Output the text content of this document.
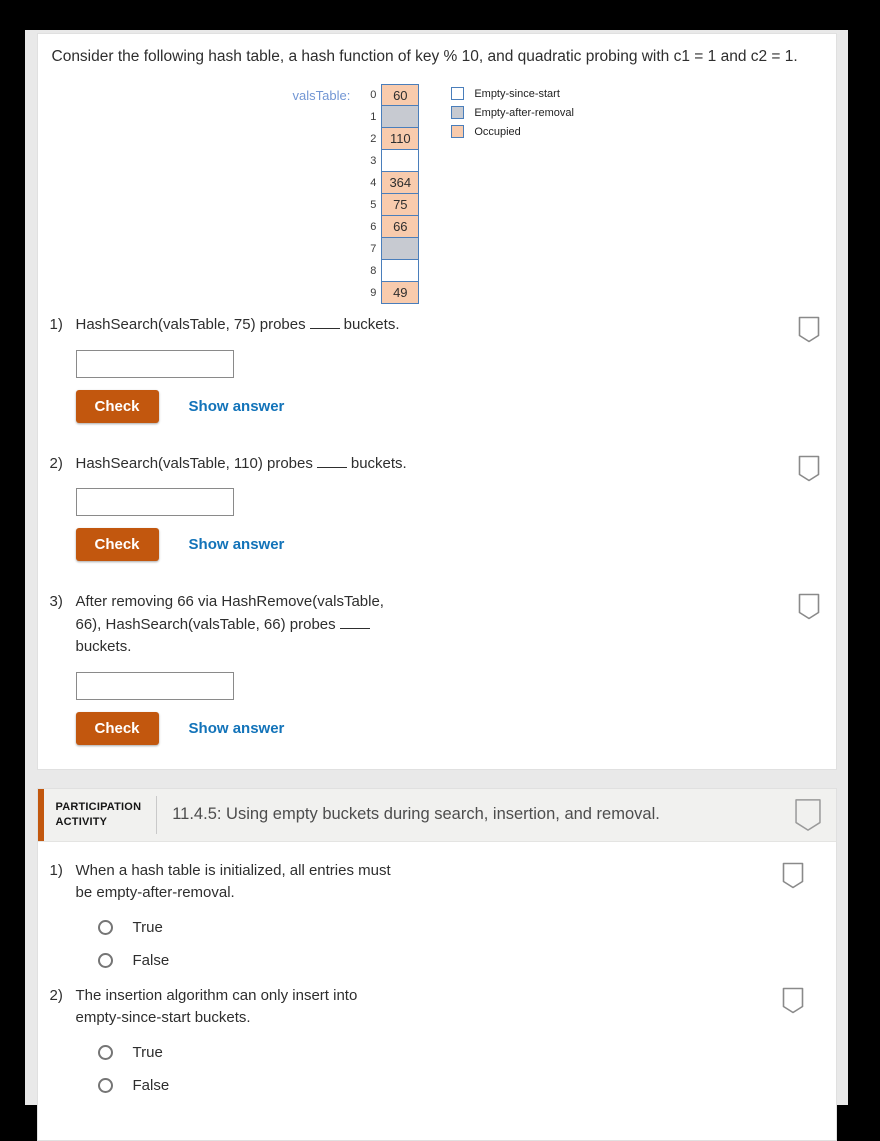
Consider the following hash table, a hash function of key % 10, and quadratic probing with c1 = 1 and c2 = 1.

valsTable:	0	60
1
2	110
3
4	364
5	75
6	66
7
8
9	49
Empty-since-start
Empty-after-removal
Occupied
1) HashSearch(valsTable, 75) probes	buckets.
Check	Show answer
2) HashSearch(valsTable, 110) probes	buckets.
Check	Show answer
3) After removing 66 via HashRemove(valsTable, 66), HashSearch(valsTable, 66) probes buckets.
Check	Show answer
PARTICIPATION
ACTIVITY	11.4.5: Using empty buckets during search, insertion, and removal.
1) When a hash table is initialized, all entries must be empty-after-removal.
True
False
2) The insertion algorithm can only insert into empty-since-start buckets.
True
False
